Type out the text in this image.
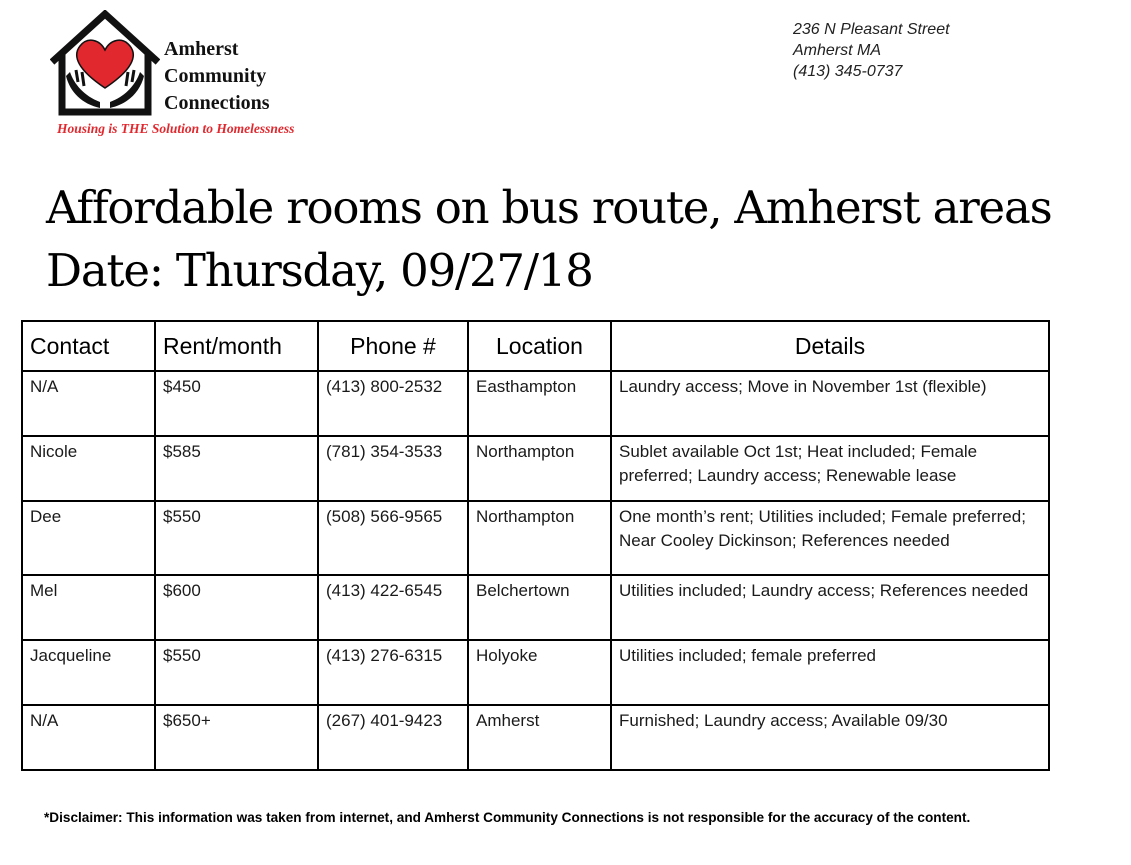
Amherst
Community
Connections
Housing is THE Solution to Homelessness
236 N Pleasant Street
Amherst MA
(413) 345-0737
Affordable rooms on bus route, Amherst areas
Date: Thursday, 09/27/18
Contact	Rent/month	Phone #	Location	Details
N/A	$450	(413) 800-2532	Easthampton	Laundry access; Move in November 1st (flexible)
Nicole	$585	(781) 354-3533	Northampton	Sublet available Oct 1st; Heat included; Female preferred; Laundry access; Renewable lease
Dee	$550	(508) 566-9565	Northampton	One month’s rent; Utilities included; Female preferred; Near Cooley Dickinson; References needed
Mel	$600	(413) 422-6545	Belchertown	Utilities included; Laundry access; References needed
Jacqueline	$550	(413) 276-6315	Holyoke	Utilities included; female preferred
N/A	$650+	(267) 401-9423	Amherst	Furnished; Laundry access; Available 09/30
*Disclaimer: This information was taken from internet, and Amherst Community Connections is not responsible for the accuracy of the content.
